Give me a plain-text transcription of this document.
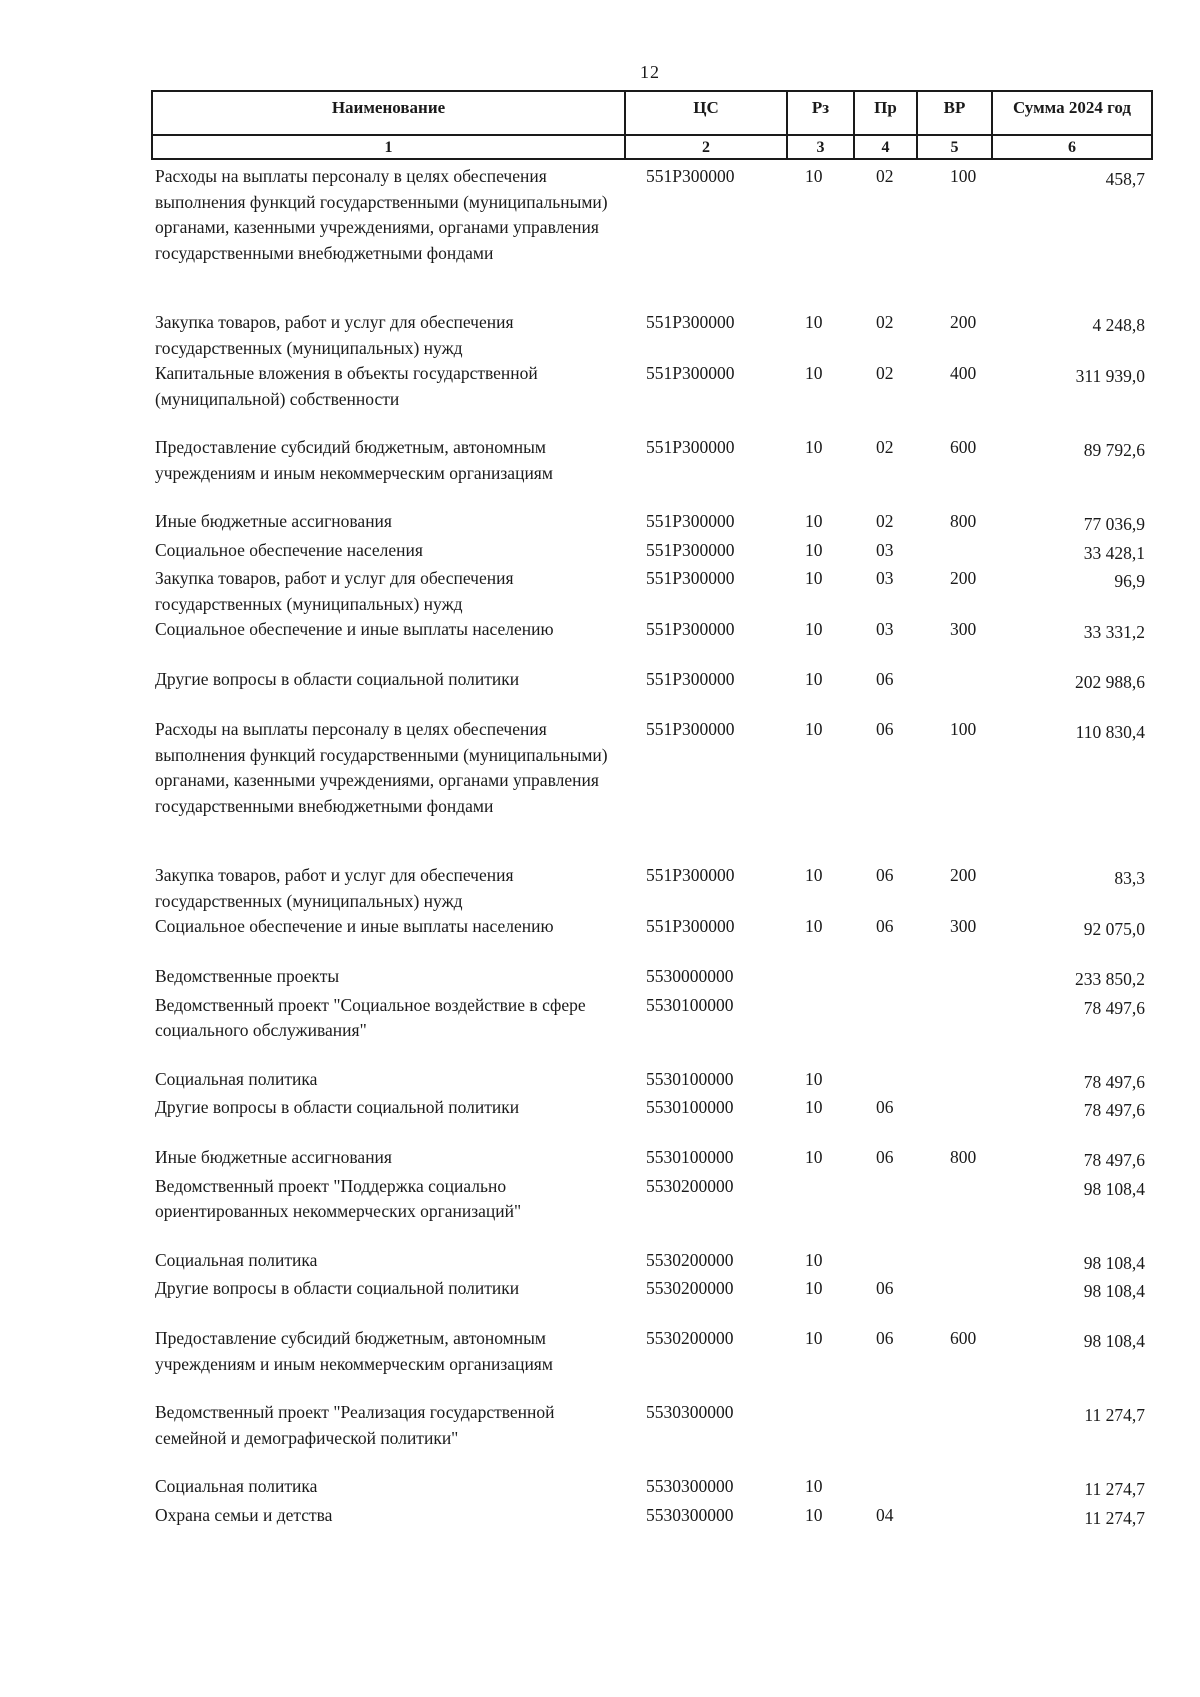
12
Наименование	ЦС	Рз	Пр	ВР	Сумма 2024 год
1	2	3	4	5	6
Расходы на выплаты персоналу в целях обеспечения выполнения функций государственными (муниципальными) органами, казенными учреждениями, органами управления государственными внебюджетными фондами	551P300000	10	02	100	458,7
Закупка товаров, работ и услуг для обеспечения государственных (муниципальных) нужд	551P300000	10	02	200	4 248,8
Капитальные вложения в объекты государственной (муниципальной) собственности	551P300000	10	02	400	311 939,0
Предоставление субсидий бюджетным, автономным учреждениям и иным некоммерческим организациям	551P300000	10	02	600	89 792,6
Иные бюджетные ассигнования	551P300000	10	02	800	77 036,9
Социальное обеспечение населения	551P300000	10	03		33 428,1
Закупка товаров, работ и услуг для обеспечения государственных (муниципальных) нужд	551P300000	10	03	200	96,9
Социальное обеспечение и иные выплаты населению	551P300000	10	03	300	33 331,2
Другие вопросы в области социальной политики	551P300000	10	06		202 988,6
Расходы на выплаты персоналу в целях обеспечения выполнения функций государственными (муниципальными) органами, казенными учреждениями, органами управления государственными внебюджетными фондами	551P300000	10	06	100	110 830,4
Закупка товаров, работ и услуг для обеспечения государственных (муниципальных) нужд	551P300000	10	06	200	83,3
Социальное обеспечение и иные выплаты населению	551P300000	10	06	300	92 075,0
Ведомственные проекты	5530000000				233 850,2
Ведомственный проект "Социальное воздействие в сфере социального обслуживания"	5530100000				78 497,6
Социальная политика	5530100000	10			78 497,6
Другие вопросы в области социальной политики	5530100000	10	06		78 497,6
Иные бюджетные ассигнования	5530100000	10	06	800	78 497,6
Ведомственный проект "Поддержка социально ориентированных некоммерческих организаций"	5530200000				98 108,4
Социальная политика	5530200000	10			98 108,4
Другие вопросы в области социальной политики	5530200000	10	06		98 108,4
Предоставление субсидий бюджетным, автономным учреждениям и иным некоммерческим организациям	5530200000	10	06	600	98 108,4
Ведомственный проект "Реализация государственной семейной и демографической политики"	5530300000				11 274,7
Социальная политика	5530300000	10			11 274,7
Охрана семьи и детства	5530300000	10	04		11 274,7
